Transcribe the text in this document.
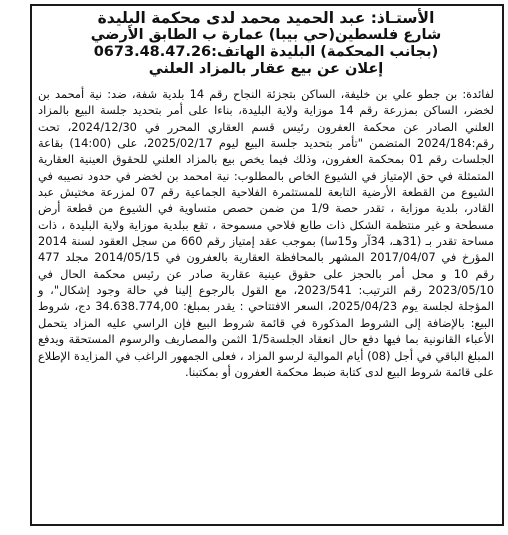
الأستـاذ: عبد الحميد محمد لدى محكمة البليدة
شارع فلسطين(حي بيبا) عمارة ب الطابق الأرضي
(بجانب المحكمة) البليدة الهاتف:0673.48.47.26
إعلان عن بيع عقار بالمزاد العلني

لفائدة: بن جطو علي بن خليفة، الساكن بتجزئة النجاح رقم 14 بلدية شفة، ضد: نية أمحمد بن لخضر، الساكن بمزرعة رقم 14 موزاية ولاية البليدة، بناءا على أمر بتحديد جلسة البيع بالمزاد العلني الصادر عن محكمة العفرون رئيس قسم العقاري المحرر في 2024/12/30، تحت رقم:2024/184 المتضمن "تأمر بتحديد جلسة البيع ليوم 2025/02/17، على (14:00) بقاعة الجلسات رقم 01 بمحكمة العفرون، وذلك فيما يخص بيع بالمزاد العلني للحقوق العينية العقارية المتمثلة في حق الإمتياز في الشيوع الخاص بالمطلوب: نية امحمد بن لخضر في حدود نصيبه في الشيوع من القطعة الأرضية التابعة للمستثمرة الفلاحية الجماعية رقم 07 لمزرعة مختيش عبد القادر، بلدية موزاية ، تقدر حصة 1/9 من ضمن حصص متساوية في الشيوع من قطعة أرض مسطحة و غير منتظمة الشكل ذات طابع فلاحي مسموحة ، تقع ببلدية موزاية ولاية البليدة ، ذات مساحة تقدر بـ (31هـ، 34آر و15سا) بموجب عقد إمتياز رقم 660 من سجل العقود لسنة 2014 المؤرخ في 2017/04/07 المشهر بالمحافظة العقارية بالعفرون في 2014/05/15 مجلد 477 رقم 10 و محل أمر بالحجز على حقوق عينية عقارية صادر عن رئيس محكمة الحال في 2023/05/10 رقم الترتيب: 2023/541، مع القول بالرجوع إلينا في حالة وجود إشكال"، و المؤجلة لجلسة يوم 2025/04/23، السعر الافتتاحي : يقدر بمبلغ: 34.638.774,00 دج، شروط البيع: بالإضافة إلى الشروط المذكورة في قائمة شروط البيع فإن الراسي عليه المزاد يتحمل الأعباء القانونية بما فيها دفع حال انعقاد الجلسة1/5 الثمن والمصاريف والرسوم المستحقة ويدفع المبلغ الباقي في أجل (08) أيام الموالية لرسو المزاد ، فعلى الجمهور الراغب في المزايدة الإطلاع على قائمة شروط البيع لدى كتابة ضبط محكمة العفرون أو بمكتبنا.
